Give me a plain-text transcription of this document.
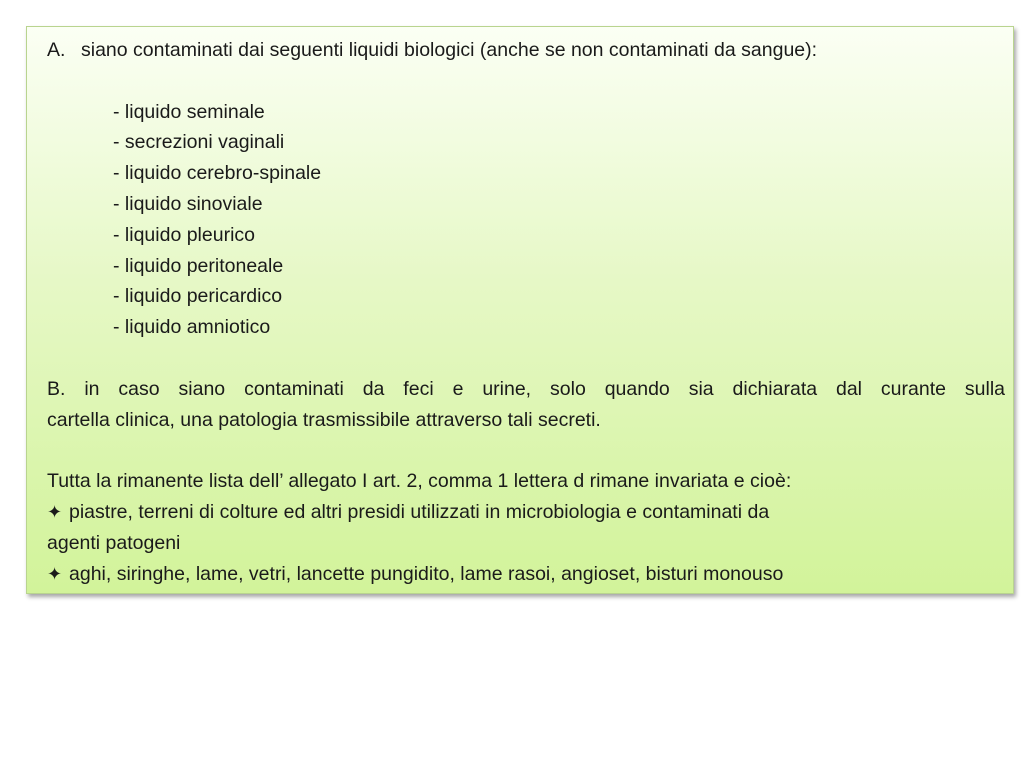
A. siano contaminati dai seguenti liquidi biologici (anche se non contaminati da sangue):
- liquido seminale
- secrezioni vaginali
- liquido cerebro-spinale
- liquido sinoviale
- liquido pleurico
- liquido peritoneale
- liquido pericardico
- liquido amniotico
B. in caso siano contaminati da feci e urine, solo quando sia dichiarata dal curante sulla
cartella clinica, una patologia trasmissibile attraverso tali secreti.
Tutta la rimanente lista dell’ allegato I art. 2, comma 1 lettera d rimane invariata e cioè:
✦ piastre, terreni di colture ed altri presidi utilizzati in microbiologia e contaminati da
agenti patogeni
✦ aghi, siringhe, lame, vetri, lancette pungidito, lame rasoi, angioset, bisturi monouso
